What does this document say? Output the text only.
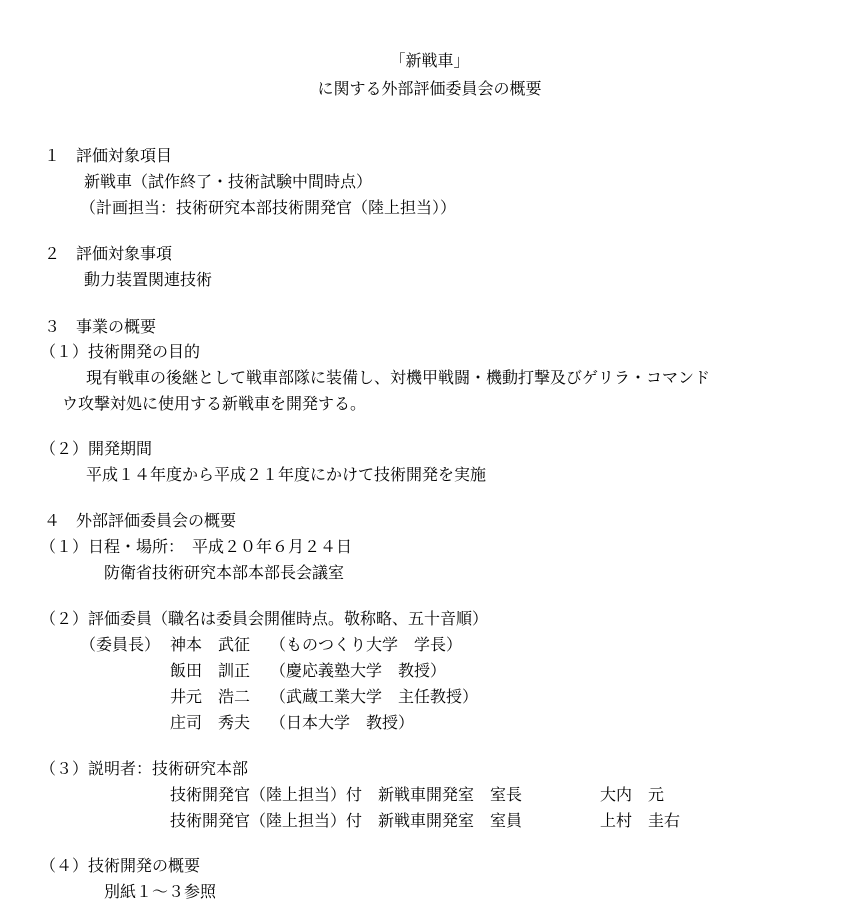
「新戦車」
に関する外部評価委員会の概要
１　評価対象項目
新戦車（試作終了・技術試験中間時点）
（計画担当：技術研究本部技術開発官（陸上担当））
２　評価対象事項
動力装置関連技術
３　事業の概要
（１）技術開発の目的
現有戦車の後継として戦車部隊に装備し、対機甲戦闘・機動打撃及びゲリラ・コマンド
ウ攻撃対処に使用する新戦車を開発する。
（２）開発期間
平成１４年度から平成２１年度にかけて技術開発を実施
４　外部評価委員会の概要
（１）日程・場所：　平成２０年６月２４日
防衛省技術研究本部本部長会議室
（２）評価委員（職名は委員会開催時点。敬称略、五十音順）
（委員長） 神本　武征 （ものつくり大学　学長）
飯田　訓正 （慶応義塾大学　教授）
井元　浩二 （武蔵工業大学　主任教授）
庄司　秀夫 （日本大学　教授）
（３）説明者：技術研究本部
技術開発官（陸上担当）付　新戦車開発室　室長	大内　元
技術開発官（陸上担当）付　新戦車開発室　室員	上村　圭右
（４）技術開発の概要
別紙１～３参照
